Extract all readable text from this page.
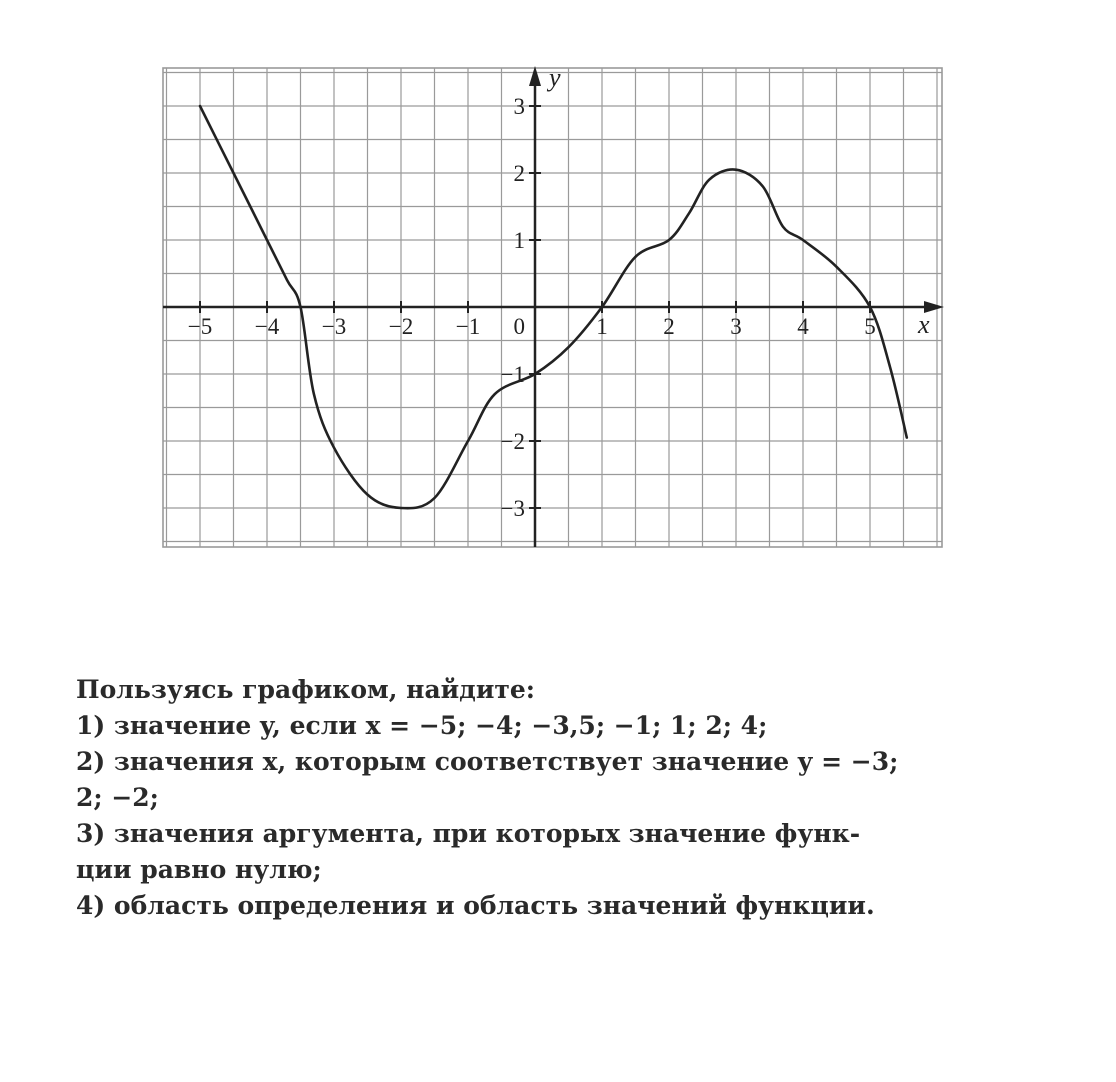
−5 −4 −3 −2 −1	1 2 3 4 5
3
2
1
−1
−2
−3
0	x
y

Пользуясь графиком, найдите:

1) значение y, если x = −5; −4; −3,5; −1; 1; 2; 4;

2) значения x, которым соответствует значение y = −3;

2; −2;

3) значения аргумента, при которых значение функ-

ции равно нулю;

4) область определения и область значений функции.
